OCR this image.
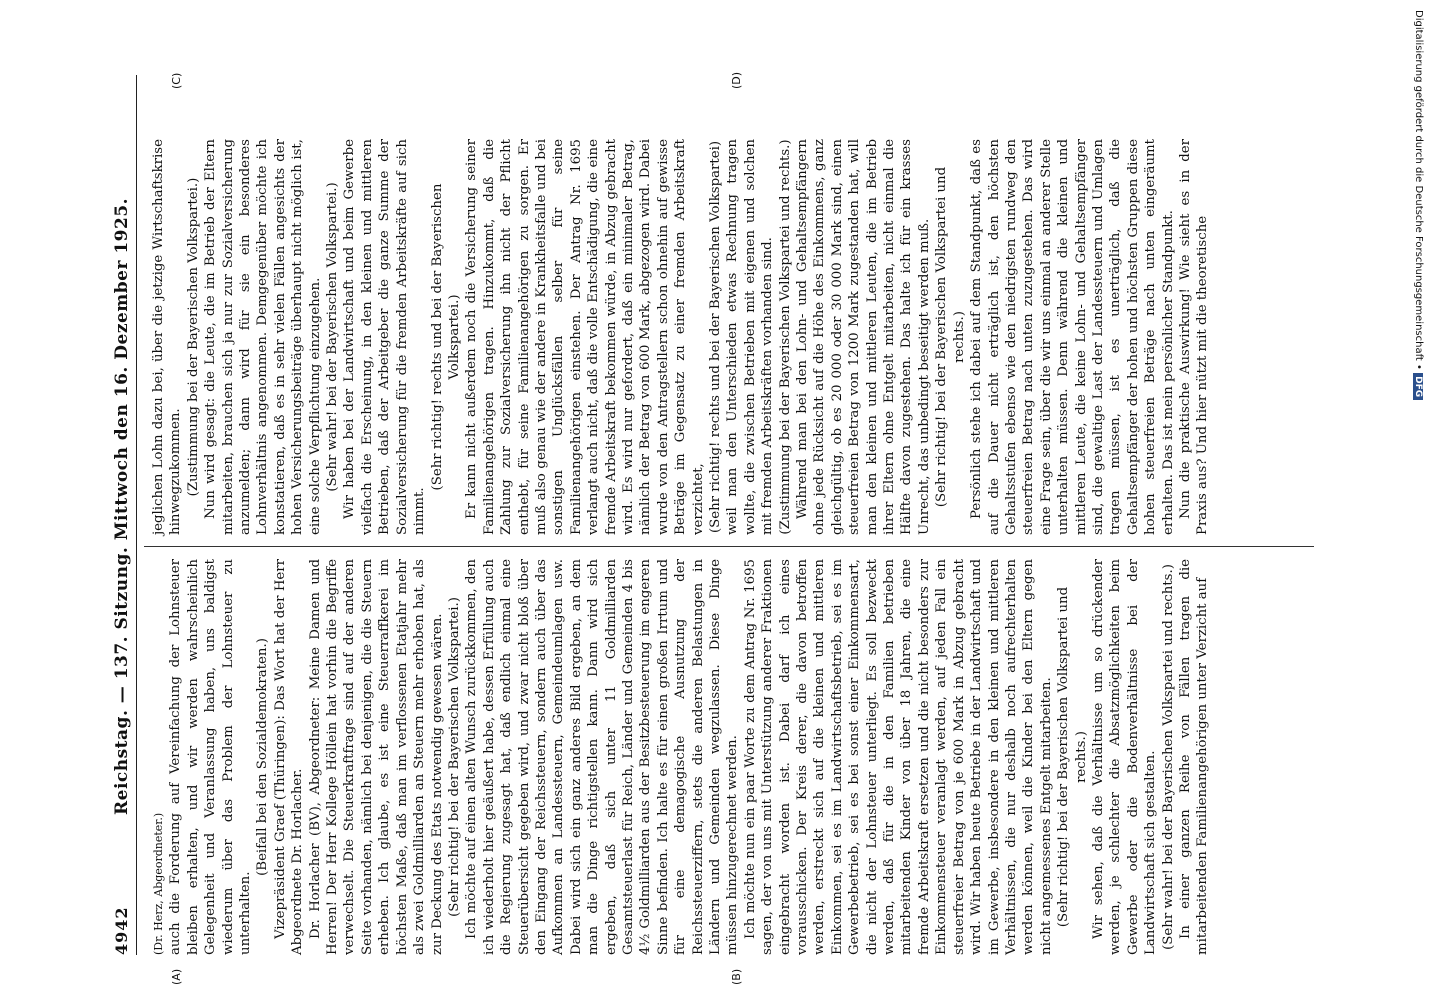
4942
Reichstag. — 137. Sitzung. Mittwoch den 16. Dezember 1925.
(A)	(B)
(C)	(D)

(Dr. Herz, Abgeordneter.) auch die Forderung auf Vereinfachung der Lohnsteuer bleiben erhalten, und wir werden wahrscheinlich Gelegenheit und Veranlassung haben, uns baldigst wiederum über das Problem der Lohnsteuer zu unterhalten.

(Beifall bei den Sozialdemokraten.) Vizepräsident Graef (Thüringen): Das Wort hat der Herr Abgeordnete Dr. Horlacher. Dr. Horlacher (BV), Abgeordneter: Meine Damen und Herren! Der Herr Kollege Höllein hat vorhin die Begriffe verwechselt. Die Steuerkraftfrage sind auf der anderen Seite vorhanden, nämlich bei denjenigen, die die Steuern erheben. Ich glaube, es ist eine Steuerraffkerei im höchsten Maße, daß man im verflossenen Etatjahr mehr als zwei Goldmilliarden an Steuern mehr erhoben hat, als zur Deckung des Etats notwendig gewesen wären. (Sehr richtig! bei der Bayerischen Volkspartei.) Ich möchte auf einen alten Wunsch zurückkommen, den ich wiederholt hier geäußert habe, dessen Erfüllung auch die Regierung zugesagt hat, daß endlich einmal eine Steuerübersicht gegeben wird, und zwar nicht bloß über den Eingang der Reichssteuern, sondern auch über das Aufkommen an Landessteuern, Gemeindeumlagen usw. Dabei wird sich ein ganz anderes Bild ergeben, an dem man die Dinge richtigstellen kann. Dann wird sich ergeben, daß sich unter 11 Goldmilliarden Gesamtsteuerlast für Reich, Länder und Gemeinden 4 bis 4½ Goldmilliarden aus der Besitzbesteuerung im engeren Sinne befinden. Ich halte es für einen großen Irrtum und für eine demagogische Ausnutzung der Reichssteuerziffern, stets die anderen Belastungen in Ländern und Gemeinden wegzulassen. Diese Dinge müssen hinzugerechnet werden. Ich möchte nun ein paar Worte zu dem Antrag Nr. 1695 sagen, der von uns mit Unterstützung anderer Fraktionen eingebracht worden ist. Dabei darf ich eines vorausschicken. Der Kreis derer, die davon betroffen werden, erstreckt sich auf die kleinen und mittleren Einkommen, sei es im Landwirtschaftsbetrieb, sei es im Gewerbebetrieb, sei es bei sonst einer Einkommensart, die nicht der Lohnsteuer unterliegt. Es soll bezweckt werden, daß für die in den Familien betrieben mitarbeitenden Kinder von über 18 Jahren, die eine fremde Arbeitskraft ersetzen und die nicht besonders zur Einkommensteuer veranlagt werden, auf jeden Fall ein steuerfreier Betrag von je 600 Mark in Abzug gebracht wird. Wir haben heute Betriebe in der Landwirtschaft und im Gewerbe, insbesondere in den kleinen und mittleren Verhältnissen, die nur deshalb noch aufrechterhalten werden können, weil die Kinder bei den Eltern gegen nicht angemessenes Entgelt mitarbeiten. (Sehr richtig! bei der Bayerischen Volkspartei und rechts.) Wir sehen, daß die Verhältnisse um so drückender werden, je schlechter die Absatzmöglichkeiten beim Gewerbe oder die Bodenverhältnisse bei der Landwirtschaft sich gestalten. (Sehr wahr! bei der Bayerischen Volkspartei und rechts.) In einer ganzen Reihe von Fällen tragen die mitarbeitenden Familienangehörigen unter Verzicht auf

jeglichen Lohn dazu bei, über die jetzige Wirtschaftskrise hinwegzukommen. (Zustimmung bei der Bayerischen Volkspartei.) Nun wird gesagt: die Leute, die im Betrieb der Eltern mitarbeiten, brauchen sich ja nur zur Sozialversicherung anzumelden; dann wird für sie ein besonderes Lohnverhältnis angenommen. Demgegenüber möchte ich konstatieren, daß es in sehr vielen Fällen angesichts der hohen Versicherungsbeiträge überhaupt nicht möglich ist, eine solche Verpflichtung einzugehen. (Sehr wahr! bei der Bayerischen Volkspartei.) Wir haben bei der Landwirtschaft und beim Gewerbe vielfach die Erscheinung, in den kleinen und mittleren Betrieben, daß der Arbeitgeber die ganze Summe der Sozialversicherung für die fremden Arbeitskräfte auf sich nimmt.

(Sehr richtig! rechts und bei der Bayerischen Volkspartei.) Er kann nicht außerdem noch die Versicherung seiner Familienangehörigen tragen. Hinzukommt, daß die Zahlung zur Sozialversicherung ihn nicht der Pflicht enthebt, für seine Familienangehörigen zu sorgen. Er muß also genau wie der andere in Krankheitsfalle und bei sonstigen Unglücksfällen selber für seine Familienangehörigen einstehen. Der Antrag Nr. 1695 verlangt auch nicht, daß die volle Entschädigung, die eine fremde Arbeitskraft bekommen würde, in Abzug gebracht wird. Es wird nur gefordert, daß ein minimaler Betrag, nämlich der Betrag von 600 Mark, abgezogen wird. Dabei wurde von den Antragstellern schon ohnehin auf gewisse Beträge im Gegensatz zu einer fremden Arbeitskraft verzichtet, (Sehr richtig! rechts und bei der Bayerischen Volkspartei) weil man den Unterschieden etwas Rechnung tragen wollte, die zwischen Betrieben mit eigenen und solchen mit fremden Arbeitskräften vorhanden sind. (Zustimmung bei der Bayerischen Volkspartei und rechts.) Während man bei den Lohn- und Gehaltsempfängern ohne jede Rücksicht auf die Höhe des Einkommens, ganz gleichgültig, ob es 20 000 oder 30 000 Mark sind, einen steuerfreien Betrag von 1200 Mark zugestanden hat, will man den kleinen und mittleren Leuten, die im Betrieb ihrer Eltern ohne Entgelt mitarbeiten, nicht einmal die Hälfte davon zugestehen. Das halte ich für ein krasses Unrecht, das unbedingt beseitigt werden muß. (Sehr richtig! bei der Bayerischen Volkspartei und rechts.) Persönlich stehe ich dabei auf dem Standpunkt, daß es auf die Dauer nicht erträglich ist, den höchsten Gehaltsstufen ebenso wie den niedrigsten rundweg den steuerfreien Betrag nach unten zuzugestehen. Das wird eine Frage sein, über die wir uns einmal an anderer Stelle unterhalten müssen. Denn während die kleinen und mittleren Leute, die keine Lohn- und Gehaltsempfänger sind, die gewaltige Last der Landessteuern und Umlagen tragen müssen, ist es unerträglich, daß die Gehaltsempfänger der hohen und höchsten Gruppen diese hohen steuerfreien Beträge nach unten eingeräumt erhalten. Das ist mein persönlicher Standpunkt. Nun die praktische Auswirkung! Wie sieht es in der Praxis aus? Und hier nützt mit die theoretische

Digitalisierung gefördert durch die Deutsche Forschungsgemeinschaft • DFG
